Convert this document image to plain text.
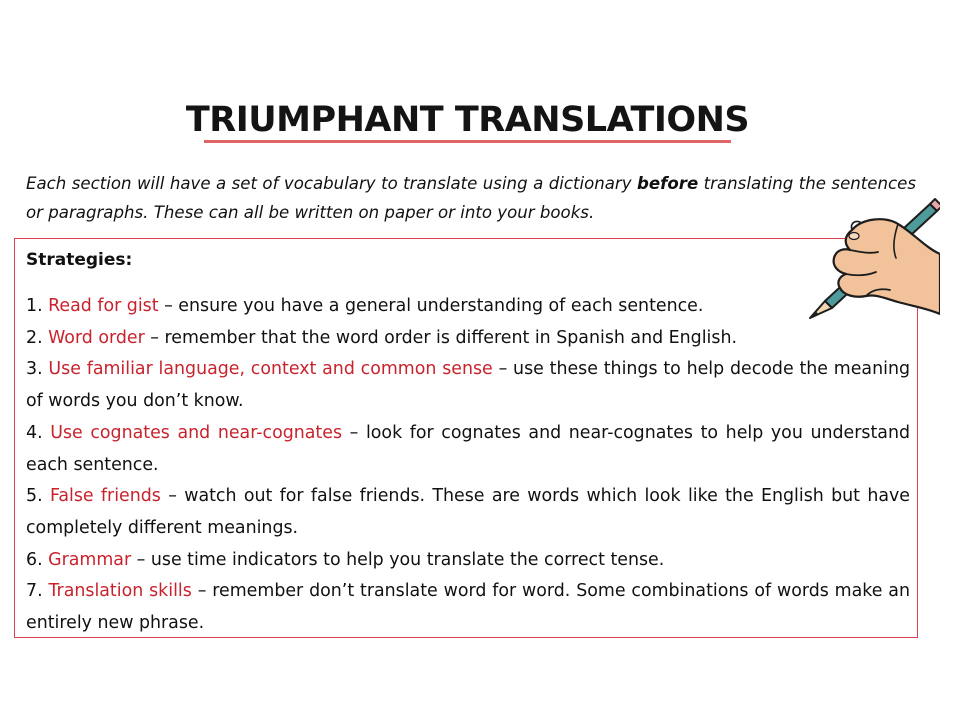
TRIUMPHANT TRANSLATIONS

Each section will have a set of vocabulary to translate using a dictionary before translating the sentences or paragraphs. These can all be written on paper or into your books.

Strategies:
1. Read for gist – ensure you have a general understanding of each sentence.
2. Word order – remember that the word order is different in Spanish and English.
3. Use familiar language, context and common sense – use these things to help decode the meaning of words you don’t know.
4. Use cognates and near-cognates – look for cognates and near-cognates to help you understand each sentence.
5. False friends – watch out for false friends. These are words which look like the English but have completely different meanings.
6. Grammar – use time indicators to help you translate the correct tense.
7. Translation skills – remember don’t translate word for word. Some combinations of words make an entirely new phrase.
